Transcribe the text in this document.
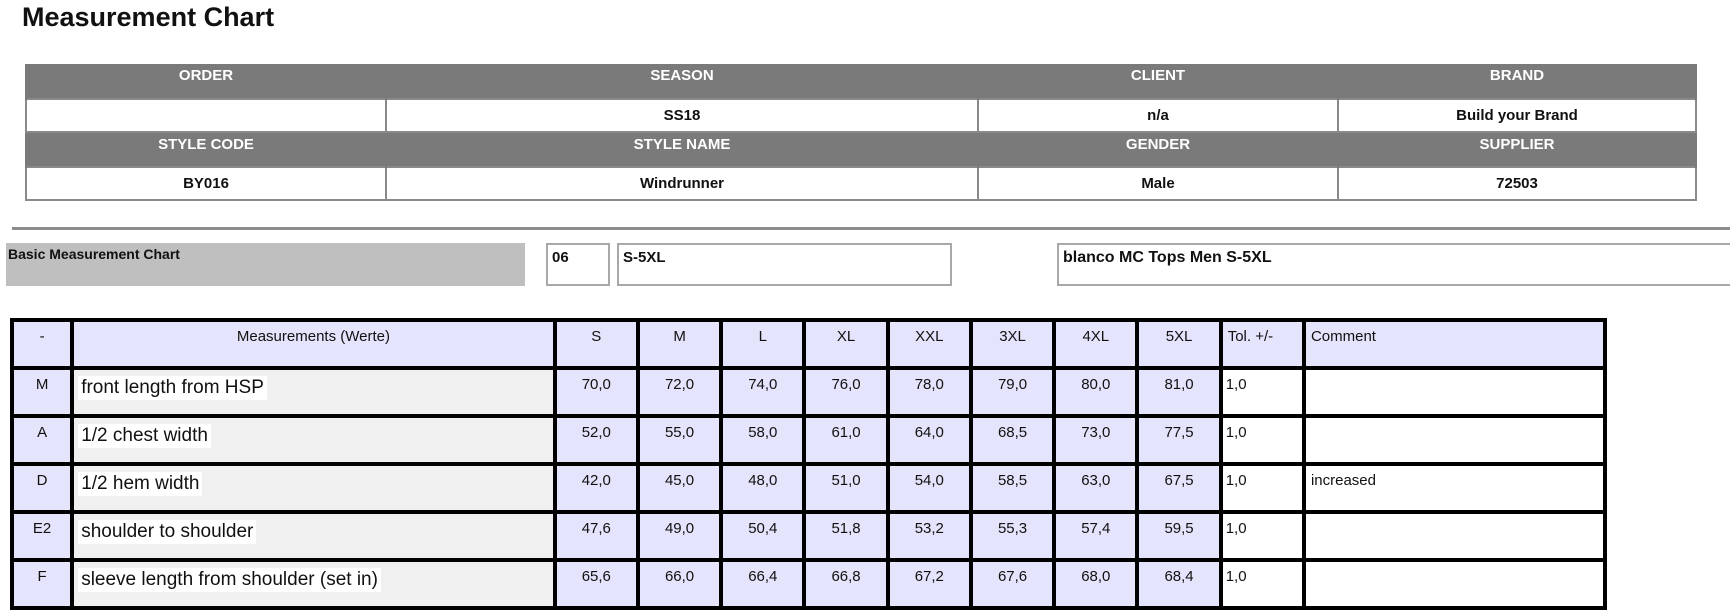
Measurement Chart
ORDER	SEASON	CLIENT	BRAND
	SS18	n/a	Build your Brand
STYLE CODE	STYLE NAME	GENDER	SUPPLIER
BY016	Windrunner	Male	72503
Basic Measurement Chart	06	S-5XL	blanco MC Tops Men S-5XL
-	Measurements (Werte)	S	M	L	XL	XXL	3XL	4XL	5XL	Tol. +/-	Comment
M	front length from HSP	70,0	72,0	74,0	76,0	78,0	79,0	80,0	81,0	1,0	
A	1/2 chest width	52,0	55,0	58,0	61,0	64,0	68,5	73,0	77,5	1,0	
D	1/2 hem width	42,0	45,0	48,0	51,0	54,0	58,5	63,0	67,5	1,0	increased
E2	shoulder to shoulder	47,6	49,0	50,4	51,8	53,2	55,3	57,4	59,5	1,0	
F	sleeve length from shoulder (set in)	65,6	66,0	66,4	66,8	67,2	67,6	68,0	68,4	1,0	
